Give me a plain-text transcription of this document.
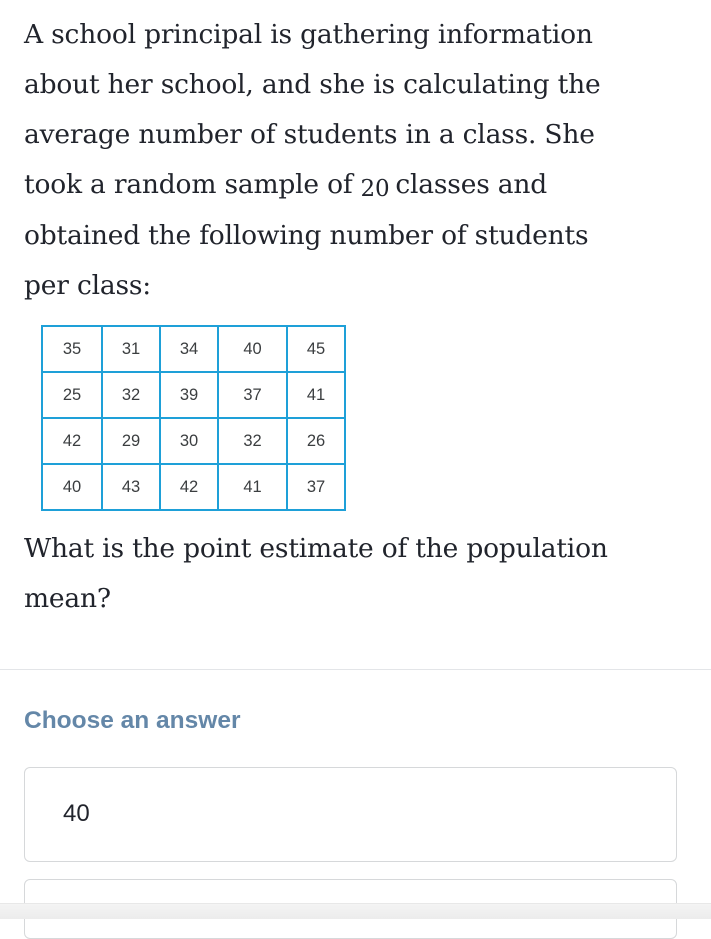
A school principal is gathering information
about her school, and she is calculating the
average number of students in a class. She
took a random sample of 20 classes and
obtained the following number of students
per class:
35	31	34	40	45
25	32	39	37	41
42	29	30	32	26
40	43	42	41	37
What is the point estimate of the population
mean?
Choose an answer
40
